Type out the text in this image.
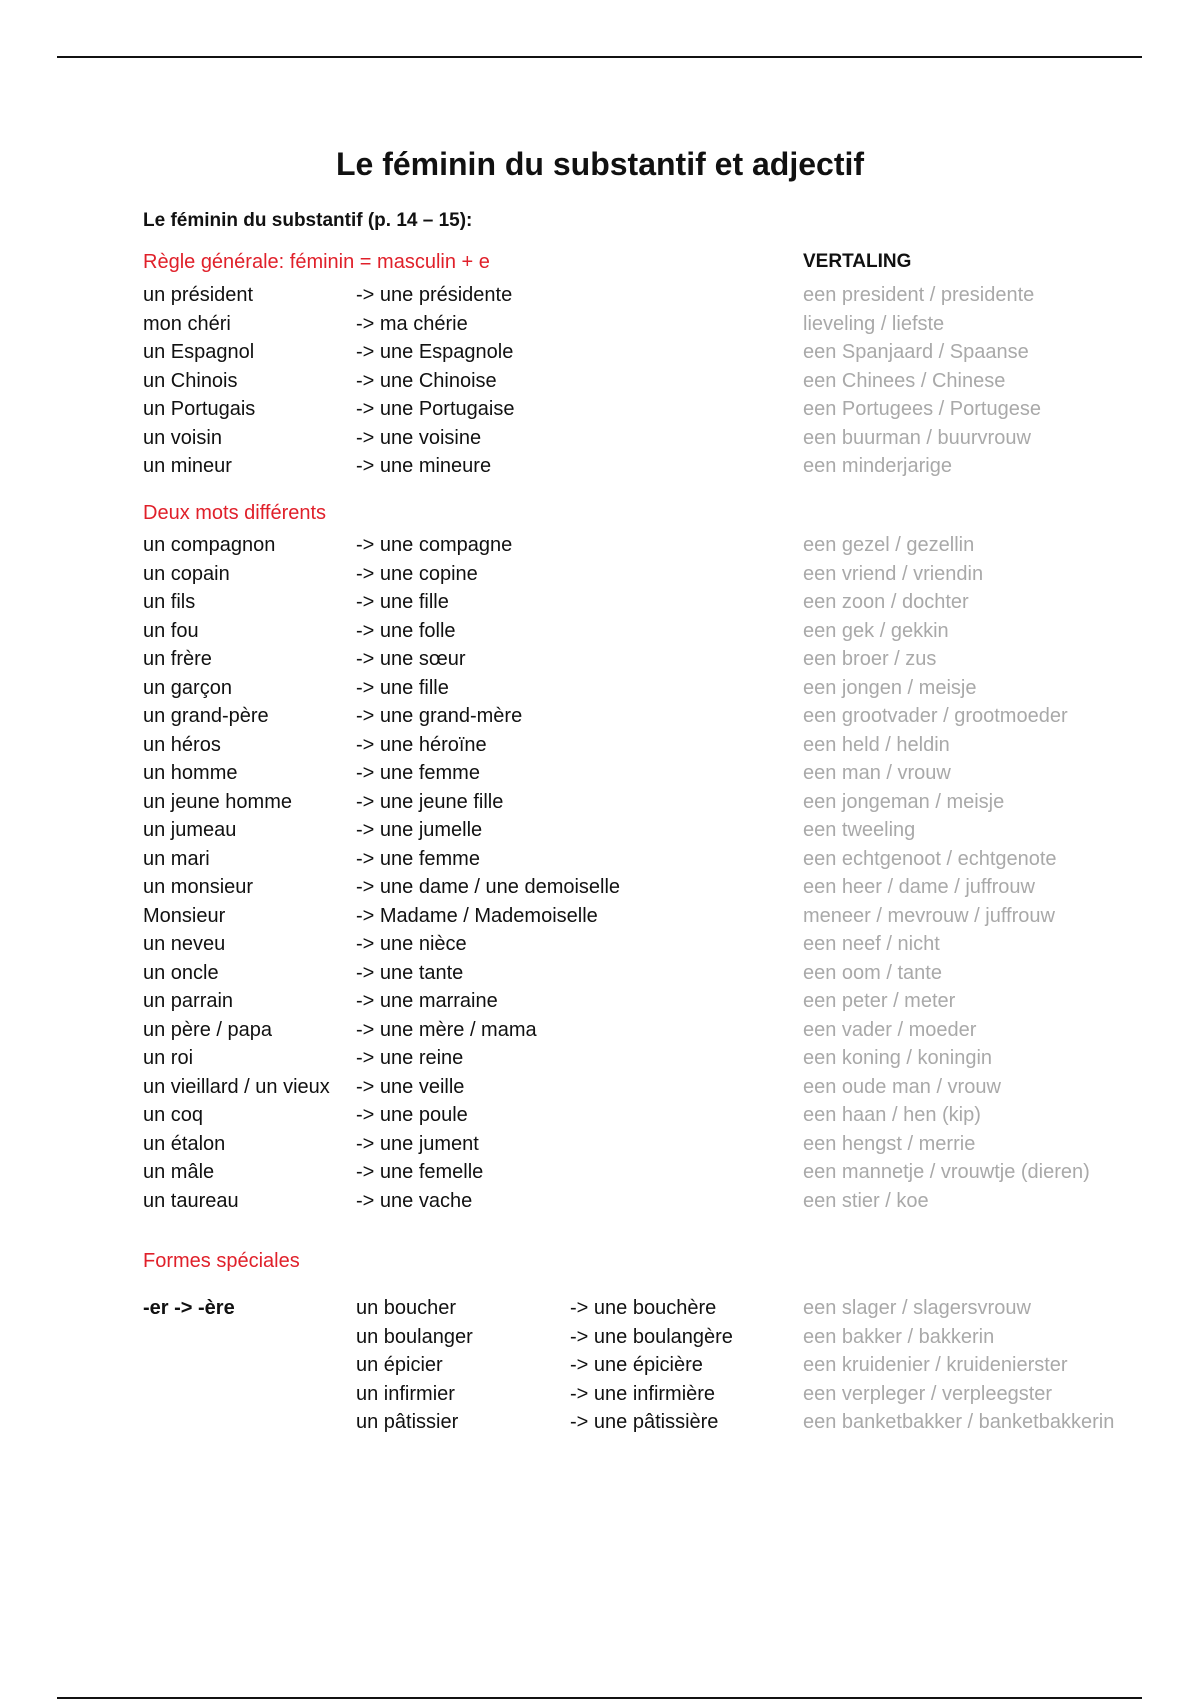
Le féminin du substantif et adjectif
Le féminin du substantif (p. 14 – 15):
VERTALING
Règle générale: féminin = masculin + e
un président	-> une présidente	een president / presidente
mon chéri	-> ma chérie	lieveling / liefste
un Espagnol	-> une Espagnole	een Spanjaard / Spaanse
un Chinois	-> une Chinoise	een Chinees / Chinese
un Portugais	-> une Portugaise	een Portugees / Portugese
un voisin	-> une voisine	een buurman / buurvrouw
un mineur	-> une mineure	een minderjarige
Deux mots différents
un compagnon	-> une compagne	een gezel / gezellin
un copain	-> une copine	een vriend / vriendin
un fils	-> une fille	een zoon / dochter
un fou	-> une folle	een gek / gekkin
un frère	-> une sœur	een broer / zus
un garçon	-> une fille	een jongen / meisje
un grand-père	-> une grand-mère	een grootvader / grootmoeder
un héros	-> une héroïne	een held / heldin
un homme	-> une femme	een man / vrouw
un jeune homme	-> une jeune fille	een jongeman / meisje
un jumeau	-> une jumelle	een tweeling
un mari	-> une femme	een echtgenoot / echtgenote
un monsieur	-> une dame / une demoiselle	een heer / dame / juffrouw
Monsieur	-> Madame / Mademoiselle	meneer / mevrouw / juffrouw
un neveu	-> une nièce	een neef / nicht
un oncle	-> une tante	een oom / tante
un parrain	-> une marraine	een peter / meter
un père / papa	-> une mère / mama	een vader / moeder
un roi	-> une reine	een koning / koningin
un vieillard / un vieux -> une veille	een oude man / vrouw
un coq	-> une poule	een haan / hen (kip)
un étalon	-> une jument	een hengst / merrie
un mâle	-> une femelle	een mannetje / vrouwtje (dieren)
un taureau	-> une vache	een stier / koe
Formes spéciales
-er -> -ère	un boucher	-> une bouchère	een slager / slagersvrouw
un boulanger	-> une boulangère	een bakker / bakkerin
un épicier	-> une épicière	een kruidenier / kruidenierster
un infirmier	-> une infirmière	een verpleger / verpleegster
un pâtissier	-> une pâtissière	een banketbakker / banketbakkerin
